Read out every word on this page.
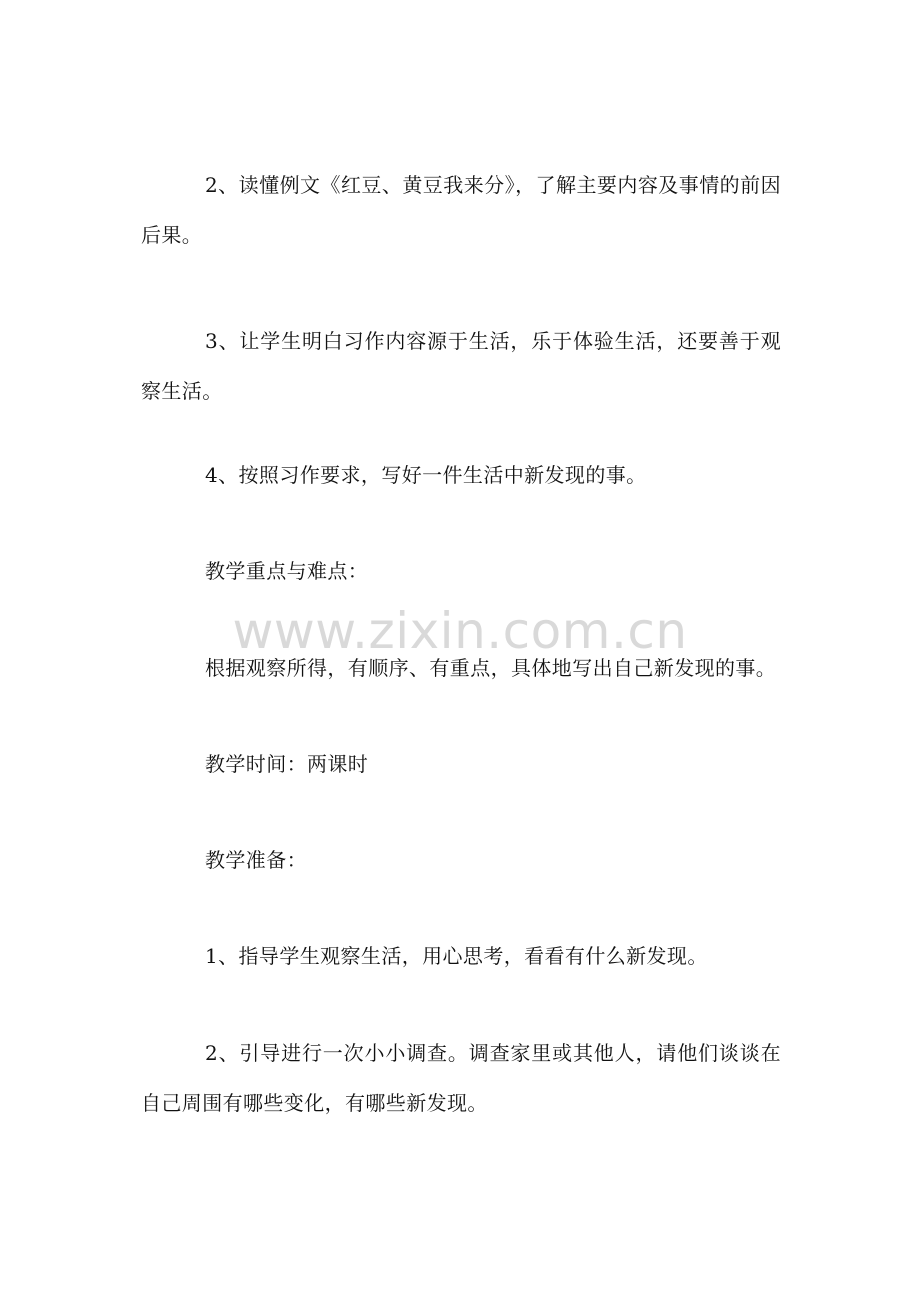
www.zixin.com.cn

2、读懂例文《红豆、黄豆我来分》，了解主要内容及事情的前因后果。

3、让学生明白习作内容源于生活，乐于体验生活，还要善于观察生活。

4、按照习作要求，写好一件生活中新发现的事。

教学重点与难点：

根据观察所得，有顺序、有重点，具体地写出自己新发现的事。

教学时间：两课时

教学准备：

1、指导学生观察生活，用心思考，看看有什么新发现。

2、引导进行一次小小调查。调查家里或其他人，请他们谈谈在自己周围有哪些变化，有哪些新发现。
